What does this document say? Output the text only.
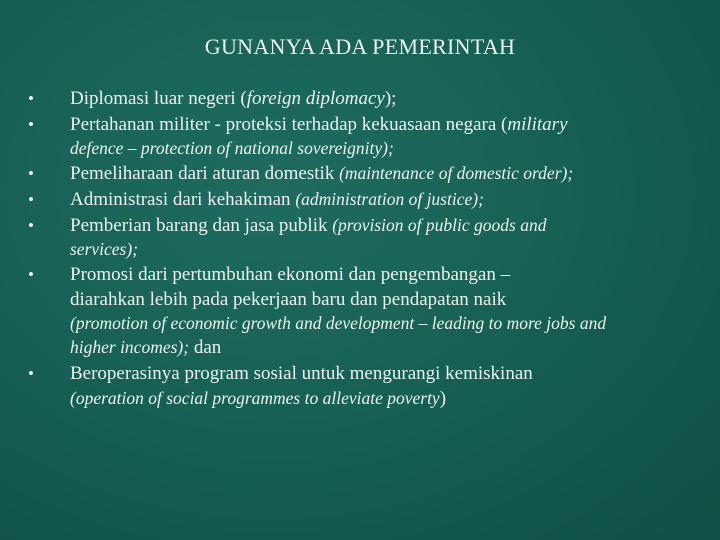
GUNANYA ADA PEMERINTAH
• Diplomasi luar negeri (foreign diplomacy);
• Pertahanan militer - proteksi terhadap kekuasaan negara (military
defence – protection of national sovereignity);
• Pemeliharaan dari aturan domestik (maintenance of domestic order);
• Administrasi dari kehakiman (administration of justice);
• Pemberian barang dan jasa publik (provision of public goods and
services);
• Promosi dari pertumbuhan ekonomi dan pengembangan –
diarahkan lebih pada pekerjaan baru dan pendapatan naik
(promotion of economic growth and development – leading to more jobs and
higher incomes); dan
• Beroperasinya program sosial untuk mengurangi kemiskinan
(operation of social programmes to alleviate poverty)
